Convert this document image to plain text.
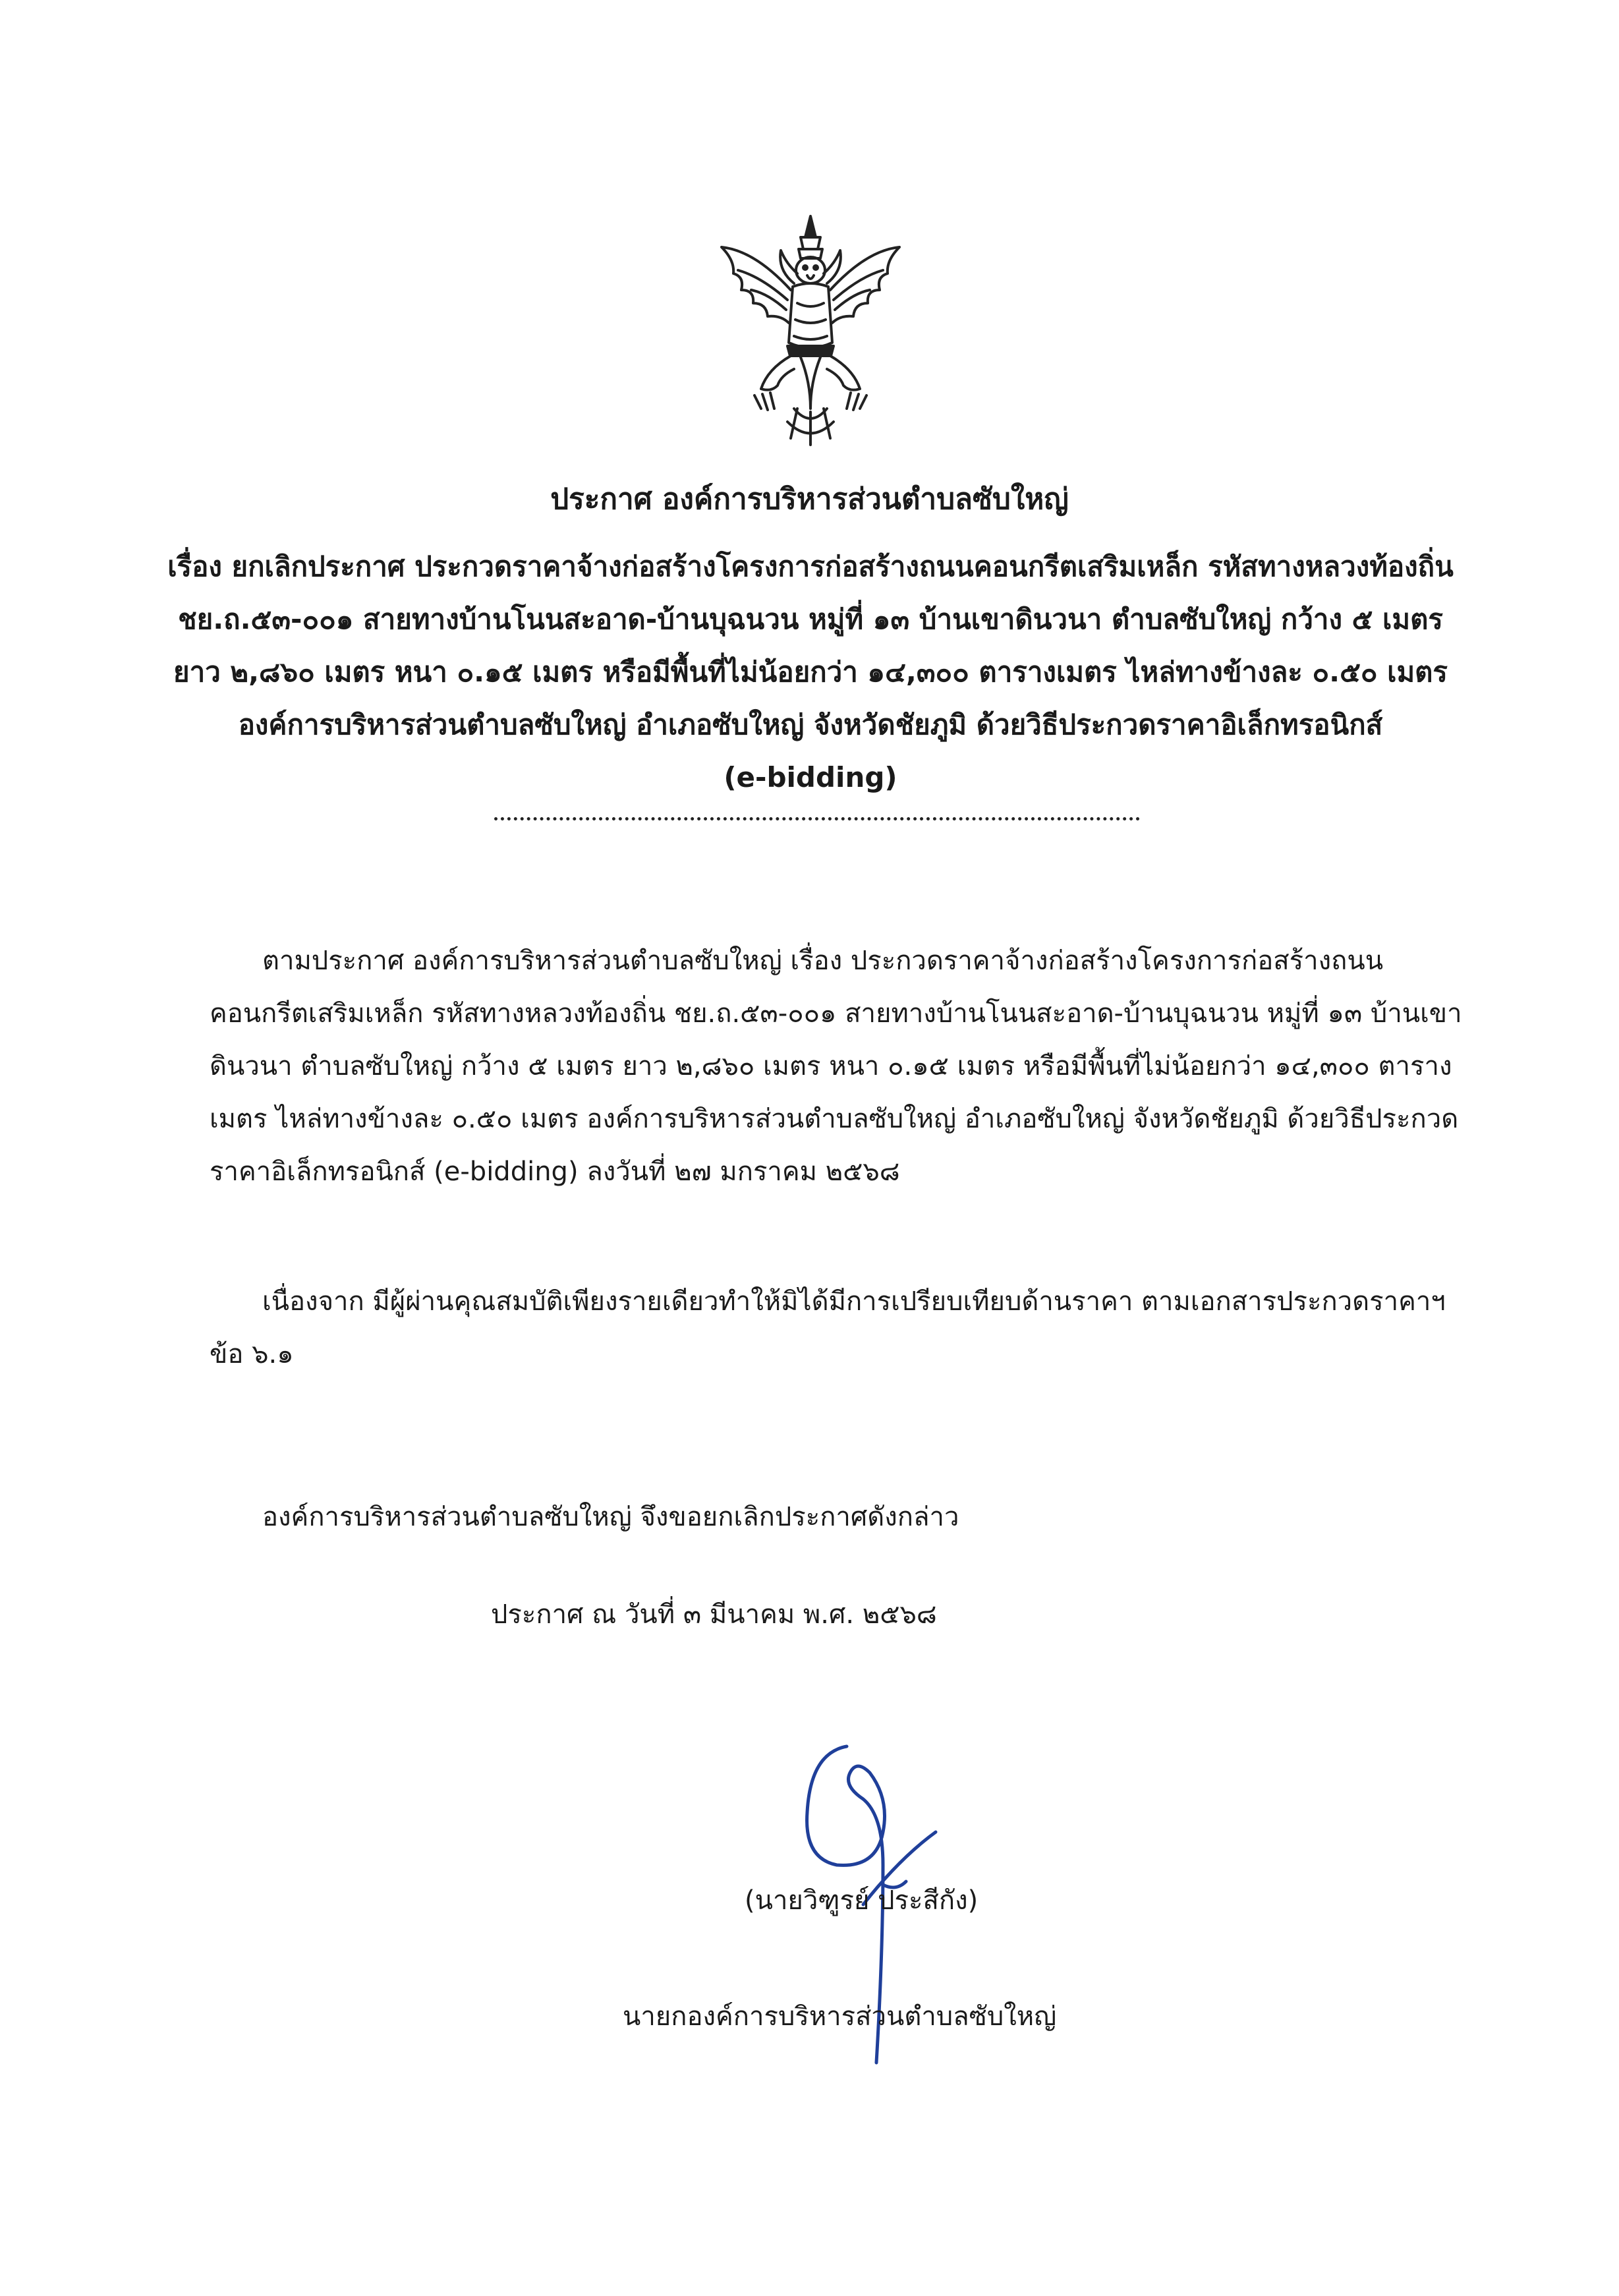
ประกาศ องค์การบริหารส่วนตำบลซับใหญ่
เรื่อง ยกเลิกประกาศ ประกวดราคาจ้างก่อสร้างโครงการก่อสร้างถนนคอนกรีตเสริมเหล็ก รหัสทางหลวงท้องถิ่น
ชย.ถ.๕๓-๐๐๑ สายทางบ้านโนนสะอาด-บ้านบุฉนวน หมู่ที่ ๑๓ บ้านเขาดินวนา ตำบลซับใหญ่ กว้าง ๕ เมตร
ยาว ๒,๘๖๐ เมตร หนา ๐.๑๕ เมตร หรือมีพื้นที่ไม่น้อยกว่า ๑๔,๓๐๐ ตารางเมตร ไหล่ทางข้างละ ๐.๕๐ เมตร
องค์การบริหารส่วนตำบลซับใหญ่ อำเภอซับใหญ่ จังหวัดชัยภูมิ ด้วยวิธีประกวดราคาอิเล็กทรอนิกส์
(e-bidding)
ตามประกาศ องค์การบริหารส่วนตำบลซับใหญ่ เรื่อง ประกวดราคาจ้างก่อสร้างโครงการก่อสร้างถนน
คอนกรีตเสริมเหล็ก รหัสทางหลวงท้องถิ่น ชย.ถ.๕๓-๐๐๑ สายทางบ้านโนนสะอาด-บ้านบุฉนวน หมู่ที่ ๑๓ บ้านเขา
ดินวนา ตำบลซับใหญ่ กว้าง ๕ เมตร ยาว ๒,๘๖๐ เมตร หนา ๐.๑๕ เมตร หรือมีพื้นที่ไม่น้อยกว่า ๑๔,๓๐๐ ตาราง
เมตร ไหล่ทางข้างละ ๐.๕๐ เมตร องค์การบริหารส่วนตำบลซับใหญ่ อำเภอซับใหญ่ จังหวัดชัยภูมิ ด้วยวิธีประกวด
ราคาอิเล็กทรอนิกส์ (e-bidding) ลงวันที่ ๒๗ มกราคม ๒๕๖๘
เนื่องจาก มีผู้ผ่านคุณสมบัติเพียงรายเดียวทำให้มิได้มีการเปรียบเทียบด้านราคา ตามเอกสารประกวดราคาฯ
ข้อ ๖.๑
องค์การบริหารส่วนตำบลซับใหญ่ จึงขอยกเลิกประกาศดังกล่าว
ประกาศ ณ วันที่ ๓ มีนาคม พ.ศ. ๒๕๖๘
(นายวิฑูรย์ ประสีกัง)
นายกองค์การบริหารส่วนตำบลซับใหญ่
